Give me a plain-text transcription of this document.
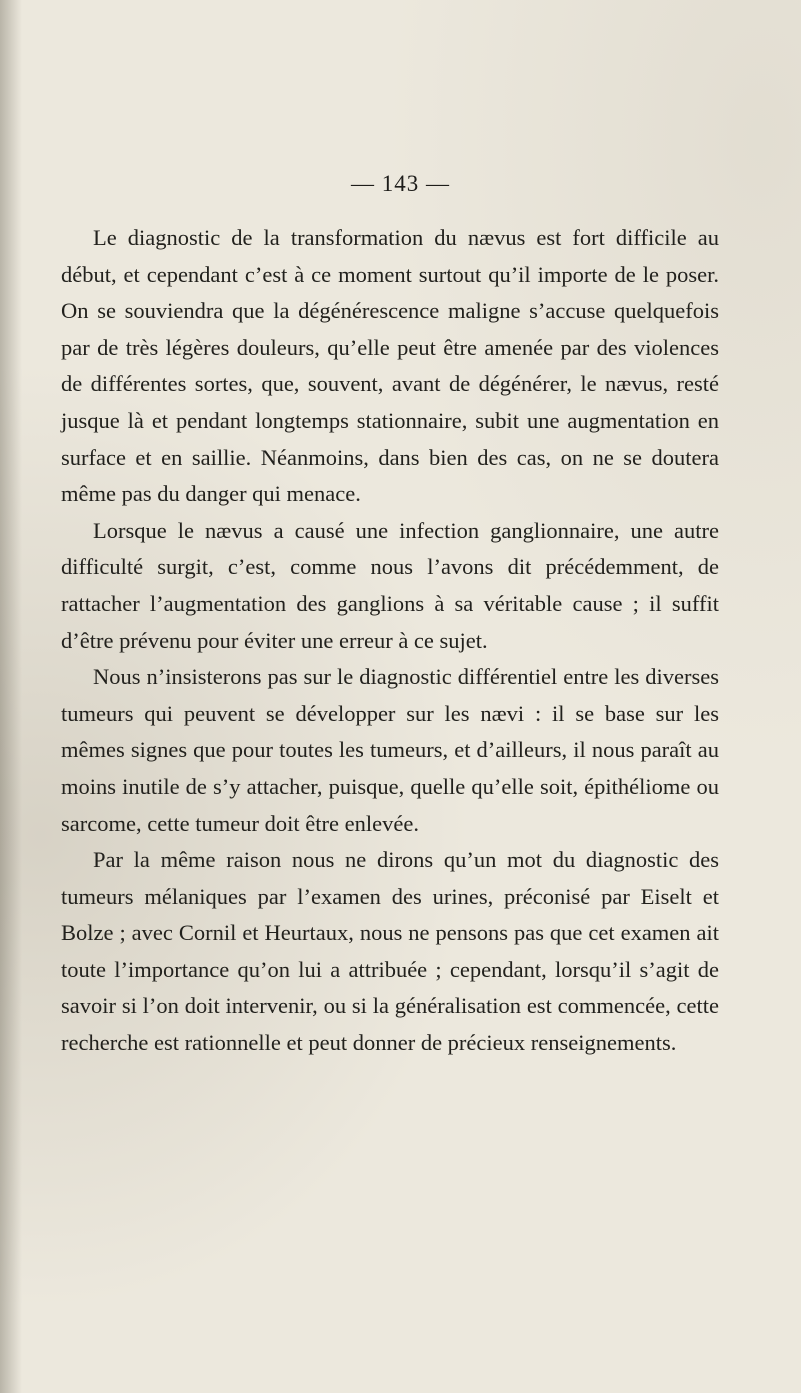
— 143 —

Le diagnostic de la transformation du nævus est fort difficile au début, et cependant c’est à ce moment surtout qu’il importe de le poser. On se souviendra que la dégénérescence maligne s’accuse quelquefois par de très légères douleurs, qu’elle peut être amenée par des violences de différentes sortes, que, souvent, avant de dégénérer, le nævus, resté jusque là et pendant longtemps stationnaire, subit une augmentation en surface et en saillie. Néanmoins, dans bien des cas, on ne se doutera même pas du danger qui menace.

Lorsque le nævus a causé une infection ganglionnaire, une autre difficulté surgit, c’est, comme nous l’avons dit précédemment, de rattacher l’augmentation des ganglions à sa véritable cause ; il suffit d’être prévenu pour éviter une erreur à ce sujet.

Nous n’insisterons pas sur le diagnostic différentiel entre les diverses tumeurs qui peuvent se développer sur les nævi : il se base sur les mêmes signes que pour toutes les tumeurs, et d’ailleurs, il nous paraît au moins inutile de s’y attacher, puisque, quelle qu’elle soit, épithéliome ou sarcome, cette tumeur doit être enlevée.

Par la même raison nous ne dirons qu’un mot du diagnostic des tumeurs mélaniques par l’examen des urines, préconisé par Eiselt et Bolze ; avec Cornil et Heurtaux, nous ne pensons pas que cet examen ait toute l’importance qu’on lui a attribuée ; cependant, lorsqu’il s’agit de savoir si l’on doit intervenir, ou si la généralisation est commencée, cette recherche est rationnelle et peut donner de précieux renseignements.
